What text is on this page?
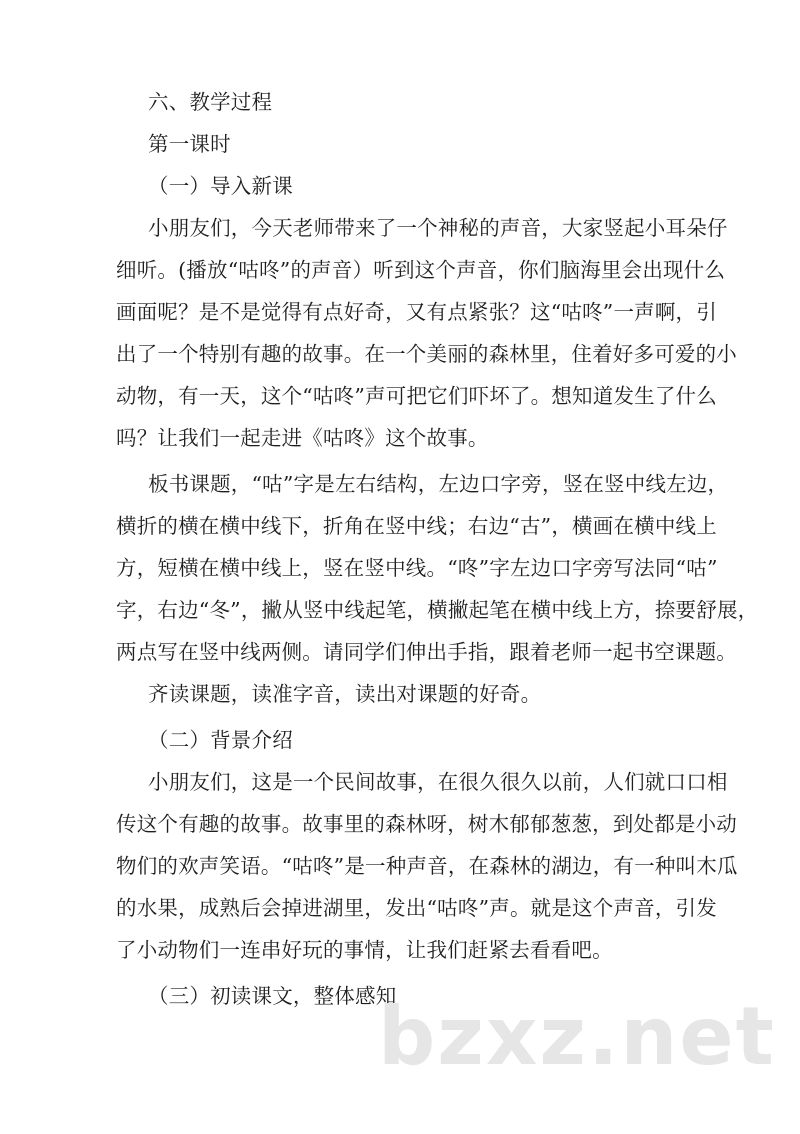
六、教学过程
第一课时
（一）导入新课
小朋友们，今天老师带来了一个神秘的声音，大家竖起小耳朵仔
细听。(播放“咕咚”的声音）听到这个声音，你们脑海里会出现什么
画面呢？是不是觉得有点好奇，又有点紧张？这“咕咚”一声啊，引
出了一个特别有趣的故事。在一个美丽的森林里，住着好多可爱的小
动物，有一天，这个“咕咚”声可把它们吓坏了。想知道发生了什么
吗？让我们一起走进《咕咚》这个故事。
板书课题，“咕”字是左右结构，左边口字旁，竖在竖中线左边，
横折的横在横中线下，折角在竖中线；右边“古”，横画在横中线上
方，短横在横中线上，竖在竖中线。“咚”字左边口字旁写法同“咕”
字，右边“冬”，撇从竖中线起笔，横撇起笔在横中线上方，捺要舒展，
两点写在竖中线两侧。请同学们伸出手指，跟着老师一起书空课题。
齐读课题，读准字音，读出对课题的好奇。
（二）背景介绍
小朋友们，这是一个民间故事，在很久很久以前，人们就口口相
传这个有趣的故事。故事里的森林呀，树木郁郁葱葱，到处都是小动
物们的欢声笑语。“咕咚”是一种声音，在森林的湖边，有一种叫木瓜
的水果，成熟后会掉进湖里，发出“咕咚”声。就是这个声音，引发
了小动物们一连串好玩的事情，让我们赶紧去看看吧。
（三）初读课文，整体感知
bzxz.net
